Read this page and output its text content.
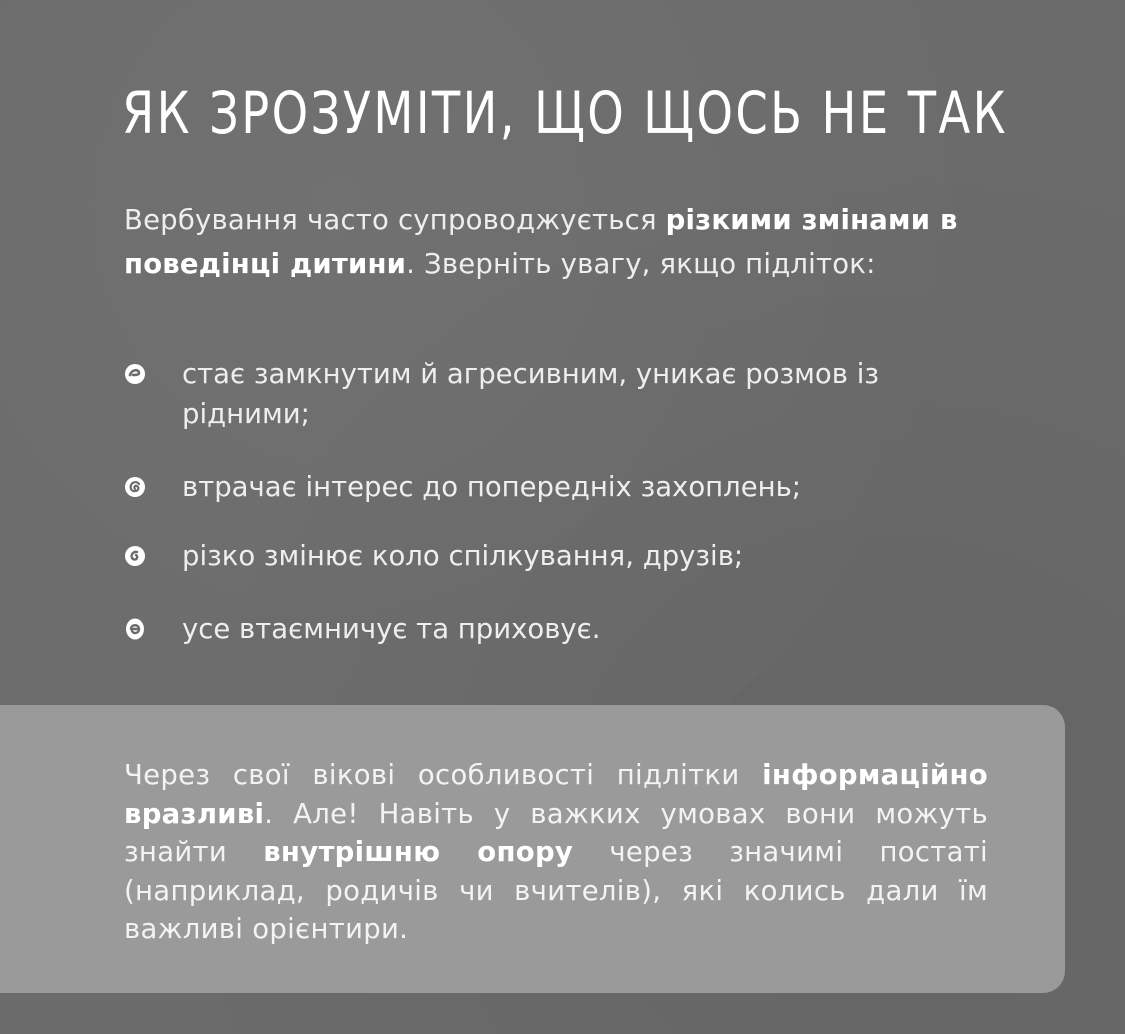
ЯК ЗРОЗУМІТИ, ЩО ЩОСЬ НЕ ТАК

Вербування часто супроводжується різкими змінами в поведінці дитини. Зверніть увагу, якщо підліток:

стає замкнутим й агресивним, уникає розмов із рідними;
втрачає інтерес до попередніх захоплень;
різко змінює коло спілкування, друзів;
усе втаємничує та приховує.

Через свої вікові особливості підлітки інформаційно вразливі. Але! Навіть у важких умовах вони можуть знайти внутрішню опору через значимі постаті (наприклад, родичів чи вчителів), які колись дали їм важливі орієнтири.
